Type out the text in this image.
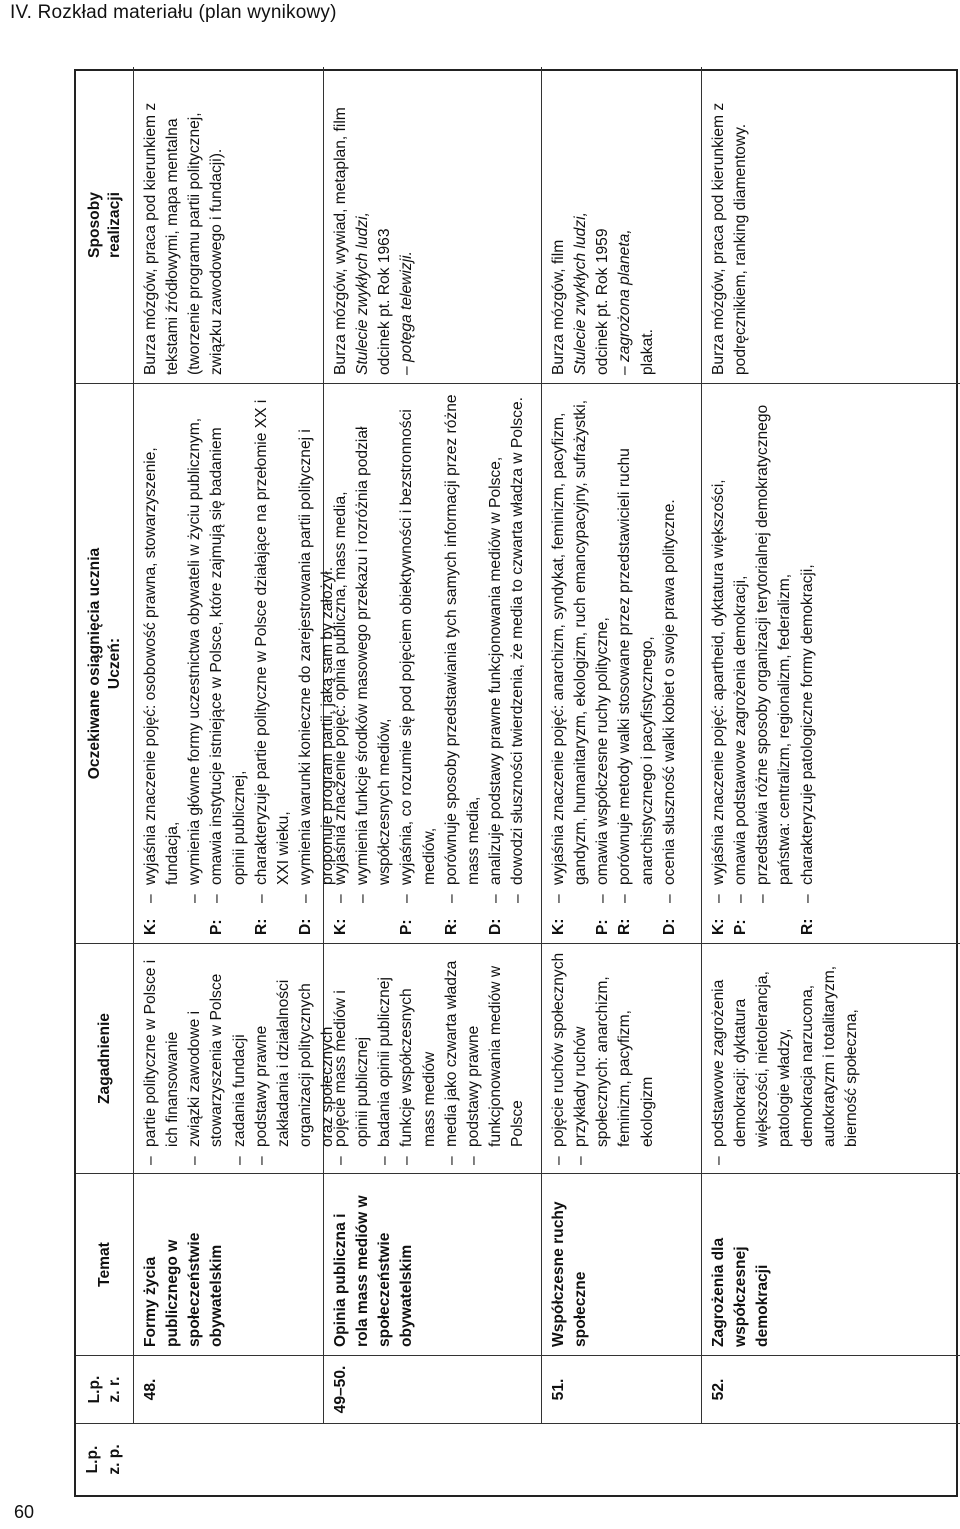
IV. Rozkład materiału (plan wynikowy)
L.p.
z. p.
L.p.
z. r.
Temat
Zagadnienie
Oczekiwane osiągnięcia ucznia
Uczeń:
Sposoby
realizacji
48.
Formy życia publicznego w społeczeństwie obywatelskim
– partie polityczne w Polsce i ich finansowanie – związki zawodowe i stowarzyszenia w Polsce – zadania fundacji – podstawy prawne zakładania i działalności organizacji politycznych oraz społecznych
K:
– wyjaśnia znaczenie pojęć: osobowość prawna, stowarzyszenie, fundacja, – wymienia główne formy uczestnictwa obywateli w życiu publicznym,
P:
– omawia instytucje istniejące w Polsce, które zajmują się badaniem opinii publicznej,
R:
– charakteryzuje partie polityczne w Polsce działające na przełomie XX i XXI wieku,
D:
– wymienia warunki konieczne do zarejestrowania partii politycznej i proponuje program partii, jaką sam by założył.
Burza mózgów, praca pod kierunkiem z tekstami źródłowymi, mapa mentalna (tworzenie programu partii politycznej, związku zawodowego i fundacji).
49–50.
Opinia publiczna i rola mass mediów w społeczeństwie obywatelskim
– pojęcie mass mediów i opinii publicznej – badania opinii publicznej – funkcje współczesnych mass mediów – media jako czwarta władza – podstawy prawne funkcjonowania mediów w Polsce
K:
– wyjaśnia znaczenie pojęć: opinia publiczna, mass media, – wymienia funkcje środków masowego przekazu i rozróżnia podział współczesnych mediów,
P:
– wyjaśnia, co rozumie się pod pojęciem obiektywności i bezstronności mediów,
R:
– porównuje sposoby przedstawiania tych samych informacji przez różne mass media,
D:
– analizuje podstawy prawne funkcjonowania mediów w Polsce, – dowodzi słuszności twierdzenia, że media to czwarta władza w Polsce.
Burza mózgów, wywiad, metaplan, film Stulecie zwykłych ludzi, odcinek pt. Rok 1963 – potęga telewizji.
51.
Współczesne ruchy społeczne
– pojęcie ruchów społecznych – przykłady ruchów społecznych: anarchizm, feminizm, pacyfizm, ekologizm
K:
– wyjaśnia znaczenie pojęć: anarchizm, syndykat, feminizm, pacyfizm, gandyzm, humanitaryzm, ekologizm, ruch emancypacyjny, sufrażystki,
P:
– omawia współczesne ruchy polityczne,
R:
– porównuje metody walki stosowane przez przedstawicieli ruchu anarchistycznego i pacyfistycznego,
D:
– ocenia słuszność walki kobiet o swoje prawa polityczne.
Burza mózgów, film Stulecie zwykłych ludzi, odcinek pt. Rok 1959 – zagrożona planeta, plakat.
52.
Zagrożenia dla współczesnej demokracji
– podstawowe zagrożenia demokracji: dyktatura większości, nietolerancja, patologie władzy, demokracja narzucona, autokratyzm i totalitaryzm, bierność społeczna,
K:
– wyjaśnia znaczenie pojęć: apartheid, dyktatura większości,
P:
– omawia podstawowe zagrożenia demokracji, – przedstawia różne sposoby organizacji terytorialnej demokratycznego państwa: centralizm, regionalizm, federalizm,
R:
– charakteryzuje patologiczne formy demokracji,
Burza mózgów, praca pod kierunkiem z podręcznikiem, ranking diamentowy.
60
